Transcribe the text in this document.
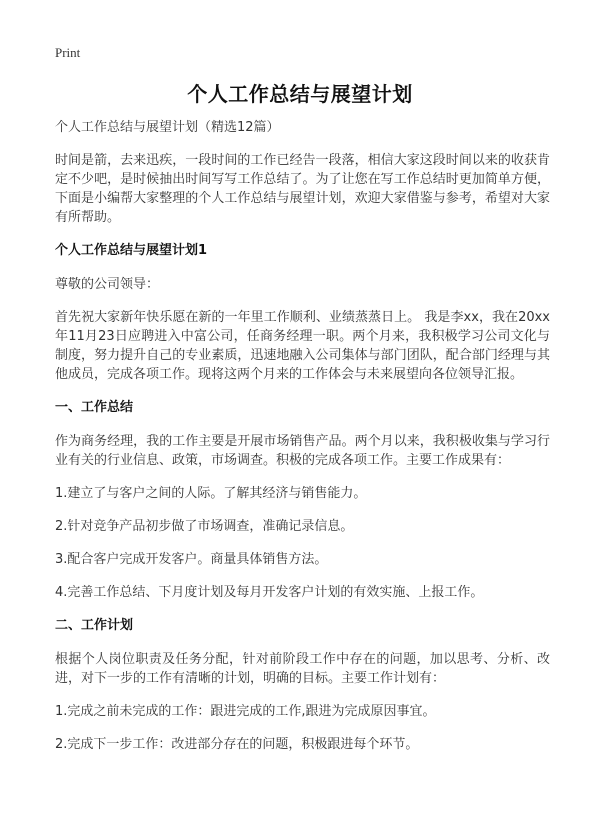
Print
个人工作总结与展望计划

个人工作总结与展望计划（精选12篇）

时间是箭，去来迅疾，一段时间的工作已经告一段落，相信大家这段时间以来的收获肯定不少吧，是时候抽出时间写写工作总结了。为了让您在写工作总结时更加简单方便，下面是小编帮大家整理的个人工作总结与展望计划，欢迎大家借鉴与参考，希望对大家有所帮助。

个人工作总结与展望计划1

尊敬的公司领导：

首先祝大家新年快乐愿在新的一年里工作顺利、业绩蒸蒸日上。 我是李xx，我在20xx年11月23日应聘进入中富公司，任商务经理一职。两个月来，我积极学习公司文化与制度，努力提升自己的专业素质，迅速地融入公司集体与部门团队，配合部门经理与其他成员，完成各项工作。现将这两个月来的工作体会与未来展望向各位领导汇报。

一、工作总结

作为商务经理，我的工作主要是开展市场销售产品。两个月以来，我积极收集与学习行业有关的行业信息、政策，市场调查。积极的完成各项工作。主要工作成果有：

1.建立了与客户之间的人际。了解其经济与销售能力。

2.针对竞争产品初步做了市场调查，准确记录信息。

3.配合客户完成开发客户。商量具体销售方法。

4.完善工作总结、下月度计划及每月开发客户计划的有效实施、上报工作。

二、工作计划

根据个人岗位职责及任务分配，针对前阶段工作中存在的问题，加以思考、分析、改进，对下一步的工作有清晰的计划，明确的目标。主要工作计划有：

1.完成之前未完成的工作：跟进完成的工作,跟进为完成原因事宜。

2.完成下一步工作：改进部分存在的问题，积极跟进每个环节。
